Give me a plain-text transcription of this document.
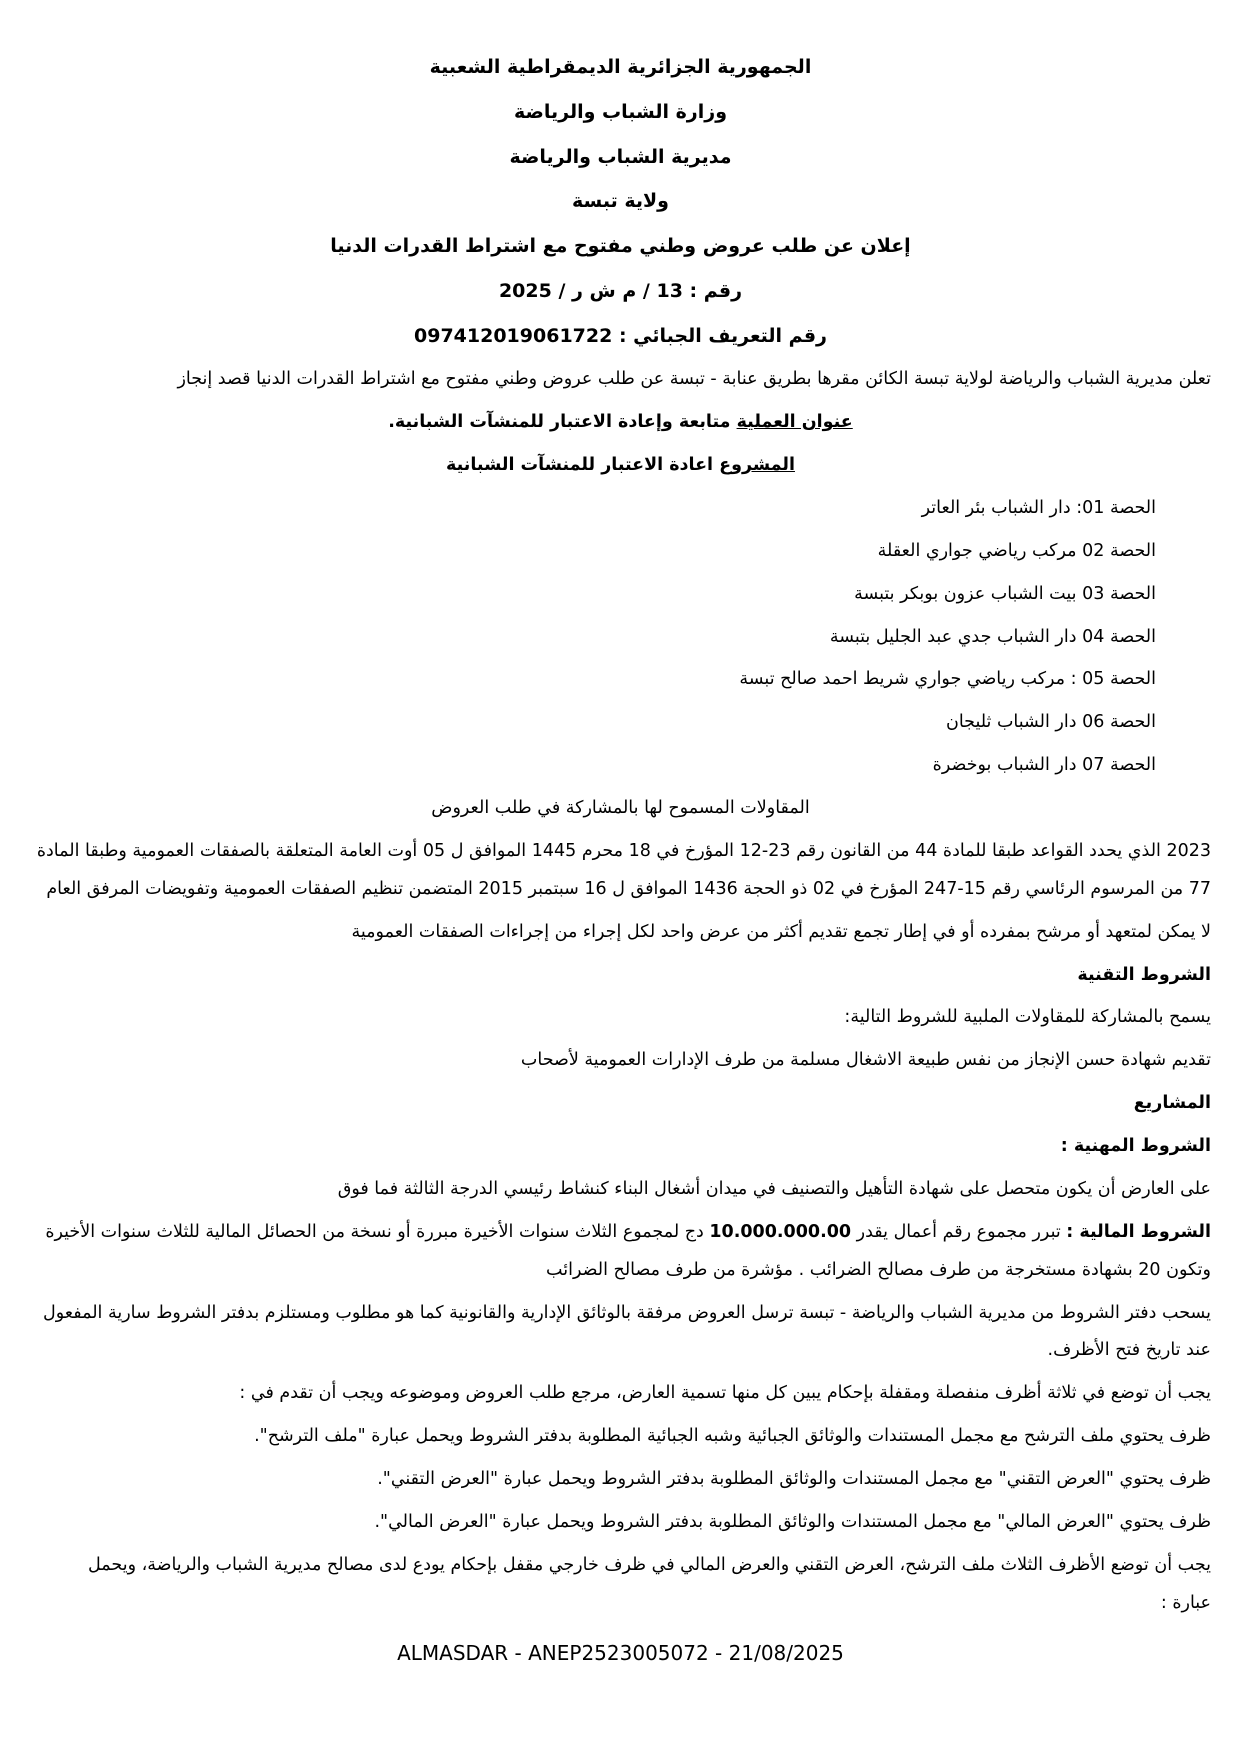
الجمهورية الجزائرية الديمقراطية الشعبية
وزارة الشباب والرياضة
مديرية الشباب والرياضة
ولاية تبسة
إعلان عن طلب عروض وطني مفتوح مع اشتراط القدرات الدنيا
رقم : 13 / م ش ر / 2025
رقم التعريف الجبائي : 097412019061722
تعلن مديرية الشباب والرياضة لولاية تبسة الكائن مقرها بطريق عنابة - تبسة عن طلب عروض وطني مفتوح مع اشتراط القدرات الدنيا قصد إنجاز
عنوان العملية متابعة وإعادة الاعتبار للمنشآت الشبانية.
المشروع اعادة الاعتبار للمنشآت الشبانية
الحصة 01: دار الشباب بئر العاتر
الحصة 02 مركب رياضي جواري العقلة
الحصة 03 بيت الشباب عزون بوبكر بتبسة
الحصة 04 دار الشباب جدي عبد الجليل بتبسة
الحصة 05 : مركب رياضي جواري شريط احمد صالح تبسة
الحصة 06 دار الشباب ثليجان
الحصة 07 دار الشباب بوخضرة
المقاولات المسموح لها بالمشاركة في طلب العروض
2023 الذي يحدد القواعد طبقا للمادة 44 من القانون رقم 23-12 المؤرخ في 18 محرم 1445 الموافق ل 05 أوت العامة المتعلقة بالصفقات العمومية وطبقا المادة
77 من المرسوم الرئاسي رقم 15-247 المؤرخ في 02 ذو الحجة 1436 الموافق ل 16 سبتمبر 2015 المتضمن تنظيم الصفقات العمومية وتفويضات المرفق العام
لا يمكن لمتعهد أو مرشح بمفرده أو في إطار تجمع تقديم أكثر من عرض واحد لكل إجراء من إجراءات الصفقات العمومية
الشروط التقنية
يسمح بالمشاركة للمقاولات الملبية للشروط التالية:
تقديم شهادة حسن الإنجاز من نفس طبيعة الاشغال مسلمة من طرف الإدارات العمومية لأصحاب
المشاريع
الشروط المهنية :
على العارض أن يكون متحصل على شهادة التأهيل والتصنيف في ميدان أشغال البناء كنشاط رئيسي الدرجة الثالثة فما فوق
الشروط المالية : تبرر مجموع رقم أعمال يقدر 10.000.000.00 دج لمجموع الثلاث سنوات الأخيرة مبررة أو نسخة من الحصائل المالية للثلاث سنوات الأخيرة
وتكون 20 بشهادة مستخرجة من طرف مصالح الضرائب . مؤشرة من طرف مصالح الضرائب
يسحب دفتر الشروط من مديرية الشباب والرياضة - تبسة ترسل العروض مرفقة بالوثائق الإدارية والقانونية كما هو مطلوب ومستلزم بدفتر الشروط سارية المفعول
عند تاريخ فتح الأظرف.
يجب أن توضع في ثلاثة أظرف منفصلة ومقفلة بإحكام يبين كل منها تسمية العارض، مرجع طلب العروض وموضوعه ويجب أن تقدم في :
ظرف يحتوي ملف الترشح مع مجمل المستندات والوثائق الجبائية وشبه الجبائية المطلوبة بدفتر الشروط ويحمل عبارة "ملف الترشح".
ظرف يحتوي "العرض التقني" مع مجمل المستندات والوثائق المطلوبة بدفتر الشروط ويحمل عبارة "العرض التقني".
ظرف يحتوي "العرض المالي" مع مجمل المستندات والوثائق المطلوبة بدفتر الشروط ويحمل عبارة "العرض المالي".
يجب أن توضع الأظرف الثلاث ملف الترشح، العرض التقني والعرض المالي في ظرف خارجي مقفل بإحكام يودع لدى مصالح مديرية الشباب والرياضة، ويحمل
عبارة :
ALMASDAR - ANEP2523005072 - 21/08/2025
